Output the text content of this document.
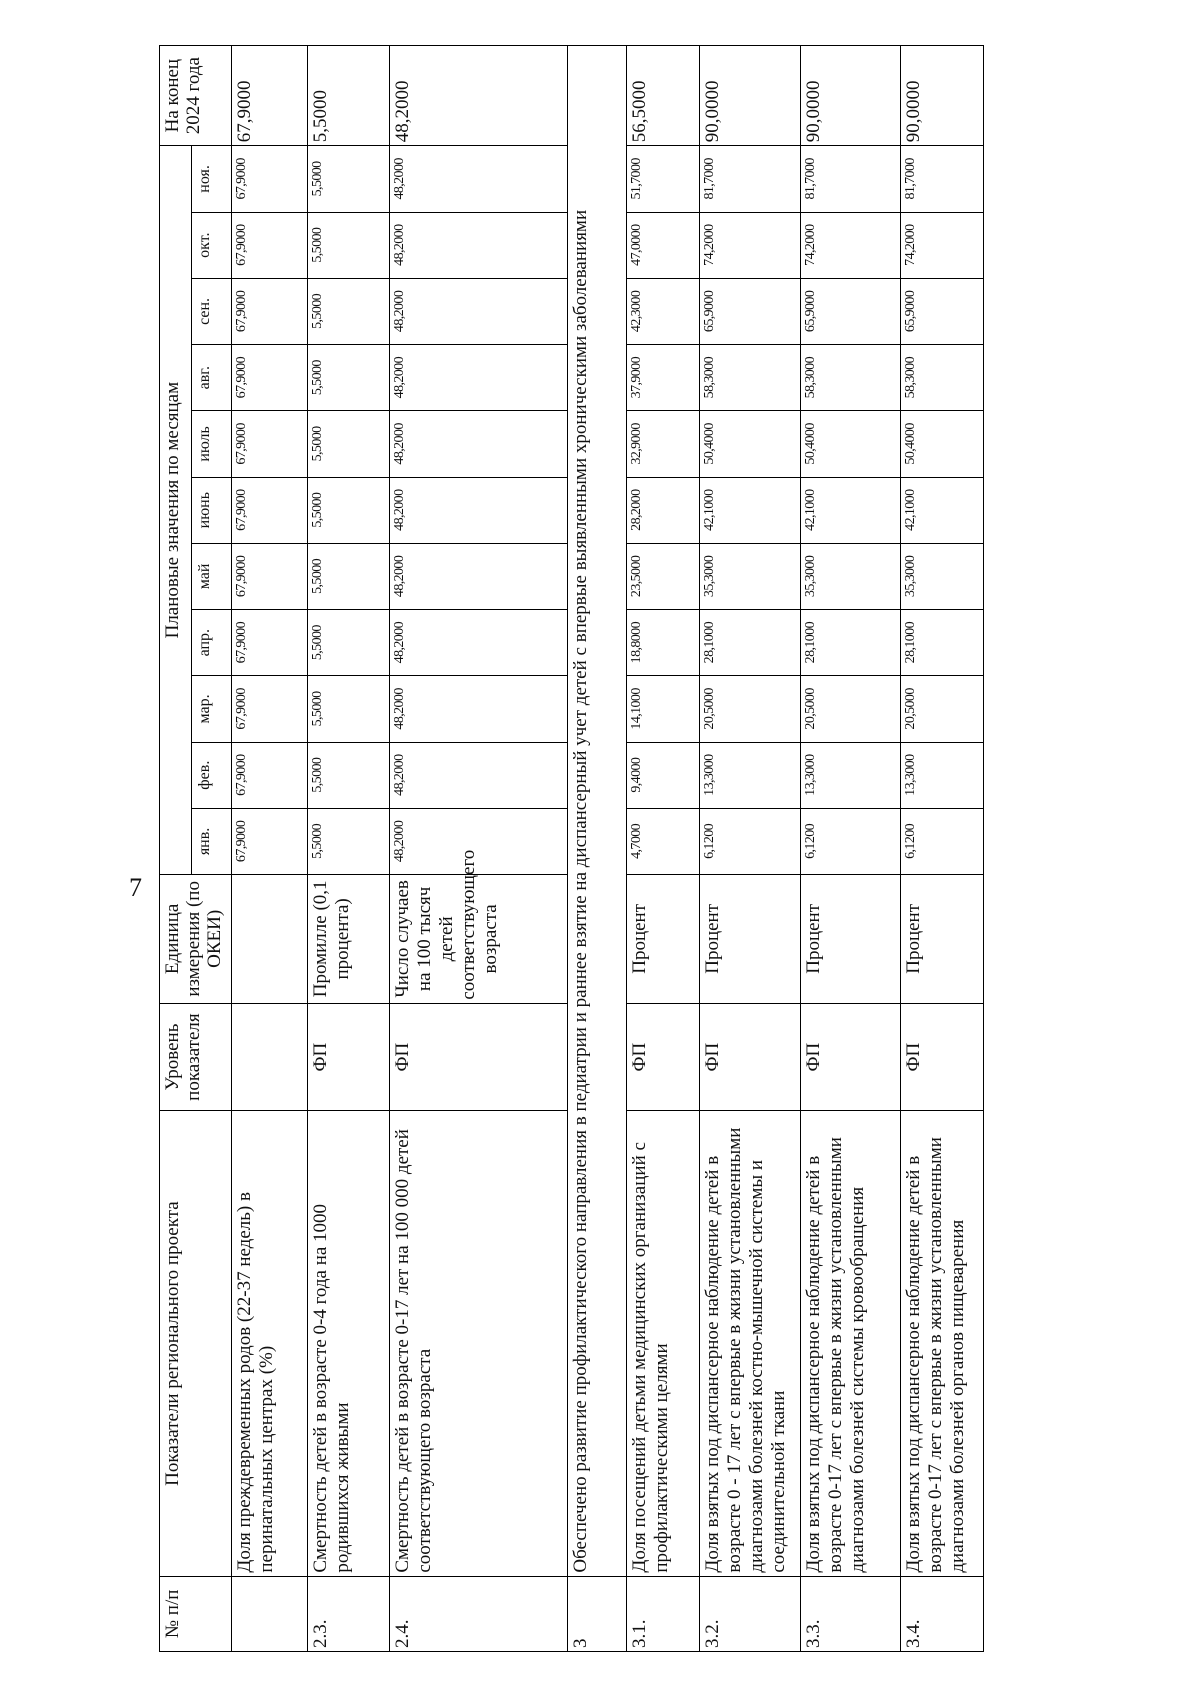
7
№ п/п	Показатели регионального проекта	Уровень показателя	Единица измерения (по ОКЕИ)	Плановые значения по месяцам											На конец 2024 года
				янв.	фев.	мар.	апр.	май	июнь	июль	авг.	сен.	окт.	ноя.	
	Доля преждевременных родов (22-37 недель) в перинатальных центрах (%)			67,9000	67,9000	67,9000	67,9000	67,9000	67,9000	67,9000	67,9000	67,9000	67,9000	67,9000	67,9000
2.3.	Смертность детей в возрасте 0-4 года на 1000 родившихся живыми	ФП	Промилле (0,1 процента)	5,5000	5,5000	5,5000	5,5000	5,5000	5,5000	5,5000	5,5000	5,5000	5,5000	5,5000	5,5000
2.4.	Смертность детей в возрасте 0-17 лет на 100 000 детей соответствующего возраста	ФП	Число случаев на 100 тысяч детей соответствующего возраста	48,2000	48,2000	48,2000	48,2000	48,2000	48,2000	48,2000	48,2000	48,2000	48,2000	48,2000	48,2000
3	Обеспечено развитие профилактического направления в педиатрии и раннее взятие на диспансерный учет детей с впервые выявленными хроническими заболеваниями														
3.1.	Доля посещений детьми медицинских организаций с профилактическими целями	ФП	Процент	4,7000	9,4000	14,1000	18,8000	23,5000	28,2000	32,9000	37,9000	42,3000	47,0000	51,7000	56,5000
3.2.	Доля взятых под диспансерное наблюдение детей в возрасте 0 - 17 лет с впервые в жизни установленными диагнозами болезней костно-мышечной системы и соединительной ткани	ФП	Процент	6,1200	13,3000	20,5000	28,1000	35,3000	42,1000	50,4000	58,3000	65,9000	74,2000	81,7000	90,0000
3.3.	Доля взятых под диспансерное наблюдение детей в возрасте 0-17 лет с впервые в жизни установленными диагнозами болезней системы кровообращения	ФП	Процент	6,1200	13,3000	20,5000	28,1000	35,3000	42,1000	50,4000	58,3000	65,9000	74,2000	81,7000	90,0000
3.4.	Доля взятых под диспансерное наблюдение детей в возрасте 0-17 лет с впервые в жизни установленными диагнозами болезней органов пищеварения	ФП	Процент	6,1200	13,3000	20,5000	28,1000	35,3000	42,1000	50,4000	58,3000	65,9000	74,2000	81,7000	90,0000
